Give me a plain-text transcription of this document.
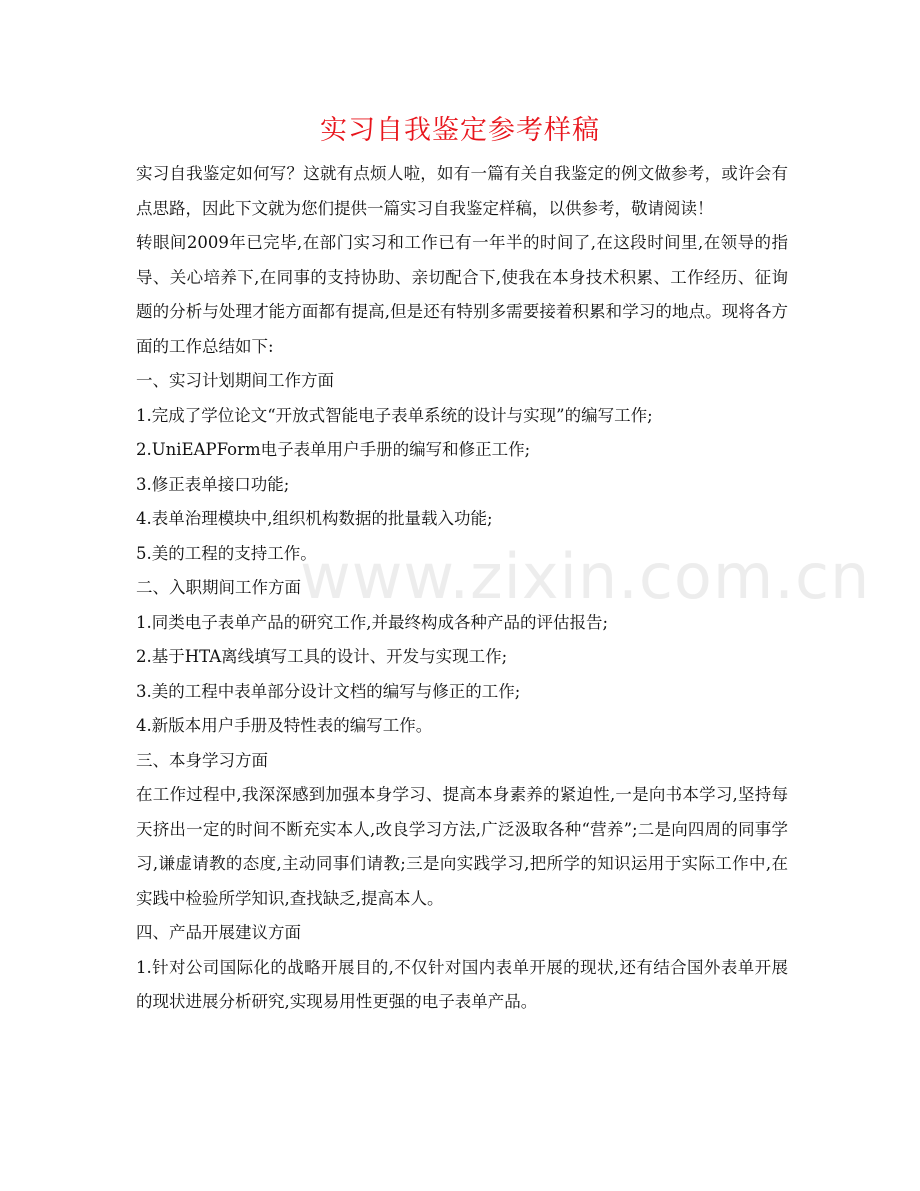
实习自我鉴定参考样稿
www.zixin.com.cn

实习自我鉴定如何写？这就有点烦人啦，如有一篇有关自我鉴定的例文做参考，或许会有点思路，因此下文就为您们提供一篇实习自我鉴定样稿，以供参考，敬请阅读！

转眼间2009年已完毕,在部门实习和工作已有一年半的时间了,在这段时间里,在领导的指导、关心培养下,在同事的支持协助、亲切配合下,使我在本身技术积累、工作经历、征询题的分析与处理才能方面都有提高,但是还有特别多需要接着积累和学习的地点。现将各方面的工作总结如下:

一、实习计划期间工作方面

1.完成了学位论文“开放式智能电子表单系统的设计与实现”的编写工作;

2.UniEAPForm电子表单用户手册的编写和修正工作;

3.修正表单接口功能;

4.表单治理模块中,组织机构数据的批量载入功能;

5.美的工程的支持工作。

二、入职期间工作方面

1.同类电子表单产品的研究工作,并最终构成各种产品的评估报告;

2.基于HTA离线填写工具的设计、开发与实现工作;

3.美的工程中表单部分设计文档的编写与修正的工作;

4.新版本用户手册及特性表的编写工作。

三、本身学习方面

在工作过程中,我深深感到加强本身学习、提高本身素养的紧迫性,一是向书本学习,坚持每天挤出一定的时间不断充实本人,改良学习方法,广泛汲取各种“营养”;二是向四周的同事学习,谦虚请教的态度,主动同事们请教;三是向实践学习,把所学的知识运用于实际工作中,在实践中检验所学知识,查找缺乏,提高本人。

四、产品开展建议方面

1.针对公司国际化的战略开展目的,不仅针对国内表单开展的现状,还有结合国外表单开展的现状进展分析研究,实现易用性更强的电子表单产品。
